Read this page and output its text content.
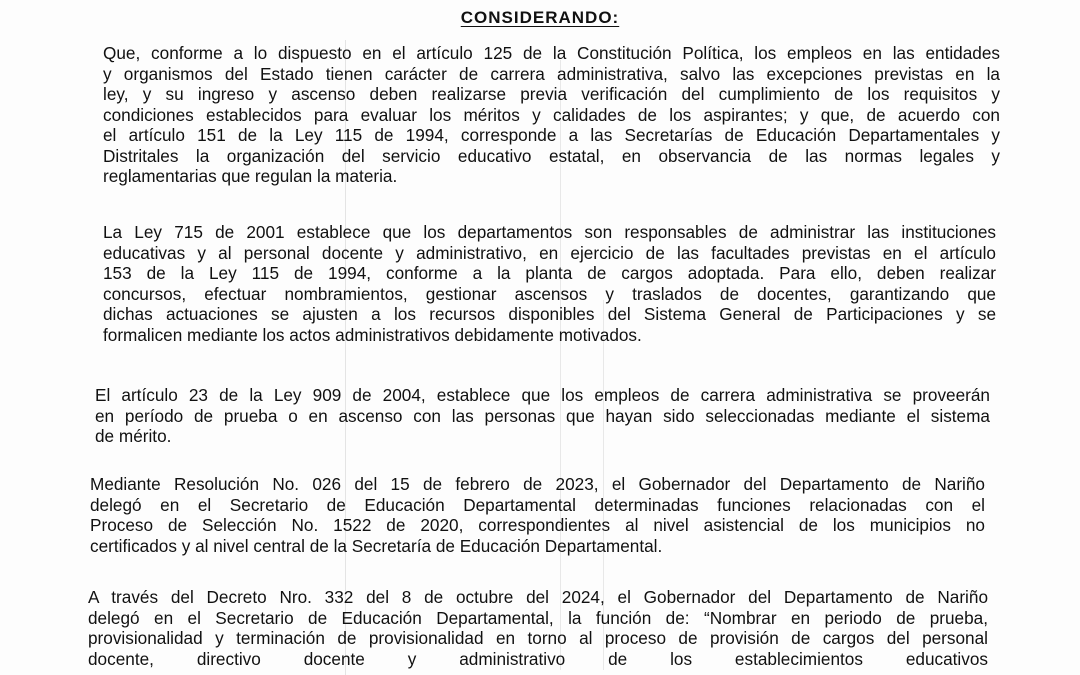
CONSIDERANDO:
Que, conforme a lo dispuesto en el artículo 125 de la Constitución Política, los empleos en las entidades
y organismos del Estado tienen carácter de carrera administrativa, salvo las excepciones previstas en la
ley, y su ingreso y ascenso deben realizarse previa verificación del cumplimiento de los requisitos y
condiciones establecidos para evaluar los méritos y calidades de los aspirantes; y que, de acuerdo con
el artículo 151 de la Ley 115 de 1994, corresponde a las Secretarías de Educación Departamentales y
Distritales la organización del servicio educativo estatal, en observancia de las normas legales y
reglamentarias que regulan la materia.
La Ley 715 de 2001 establece que los departamentos son responsables de administrar las instituciones
educativas y al personal docente y administrativo, en ejercicio de las facultades previstas en el artículo
153 de la Ley 115 de 1994, conforme a la planta de cargos adoptada. Para ello, deben realizar
concursos, efectuar nombramientos, gestionar ascensos y traslados de docentes, garantizando que
dichas actuaciones se ajusten a los recursos disponibles del Sistema General de Participaciones y se
formalicen mediante los actos administrativos debidamente motivados.
El artículo 23 de la Ley 909 de 2004, establece que los empleos de carrera administrativa se proveerán
en período de prueba o en ascenso con las personas que hayan sido seleccionadas mediante el sistema
de mérito.
Mediante Resolución No. 026 del 15 de febrero de 2023, el Gobernador del Departamento de Nariño
delegó en el Secretario de Educación Departamental determinadas funciones relacionadas con el
Proceso de Selección No. 1522 de 2020, correspondientes al nivel asistencial de los municipios no
certificados y al nivel central de la Secretaría de Educación Departamental.
A través del Decreto Nro. 332 del 8 de octubre del 2024, el Gobernador del Departamento de Nariño
delegó en el Secretario de Educación Departamental, la función de: “Nombrar en periodo de prueba,
provisionalidad y terminación de provisionalidad en torno al proceso de provisión de cargos del personal
docente, directivo docente y administrativo de los establecimientos educativos
